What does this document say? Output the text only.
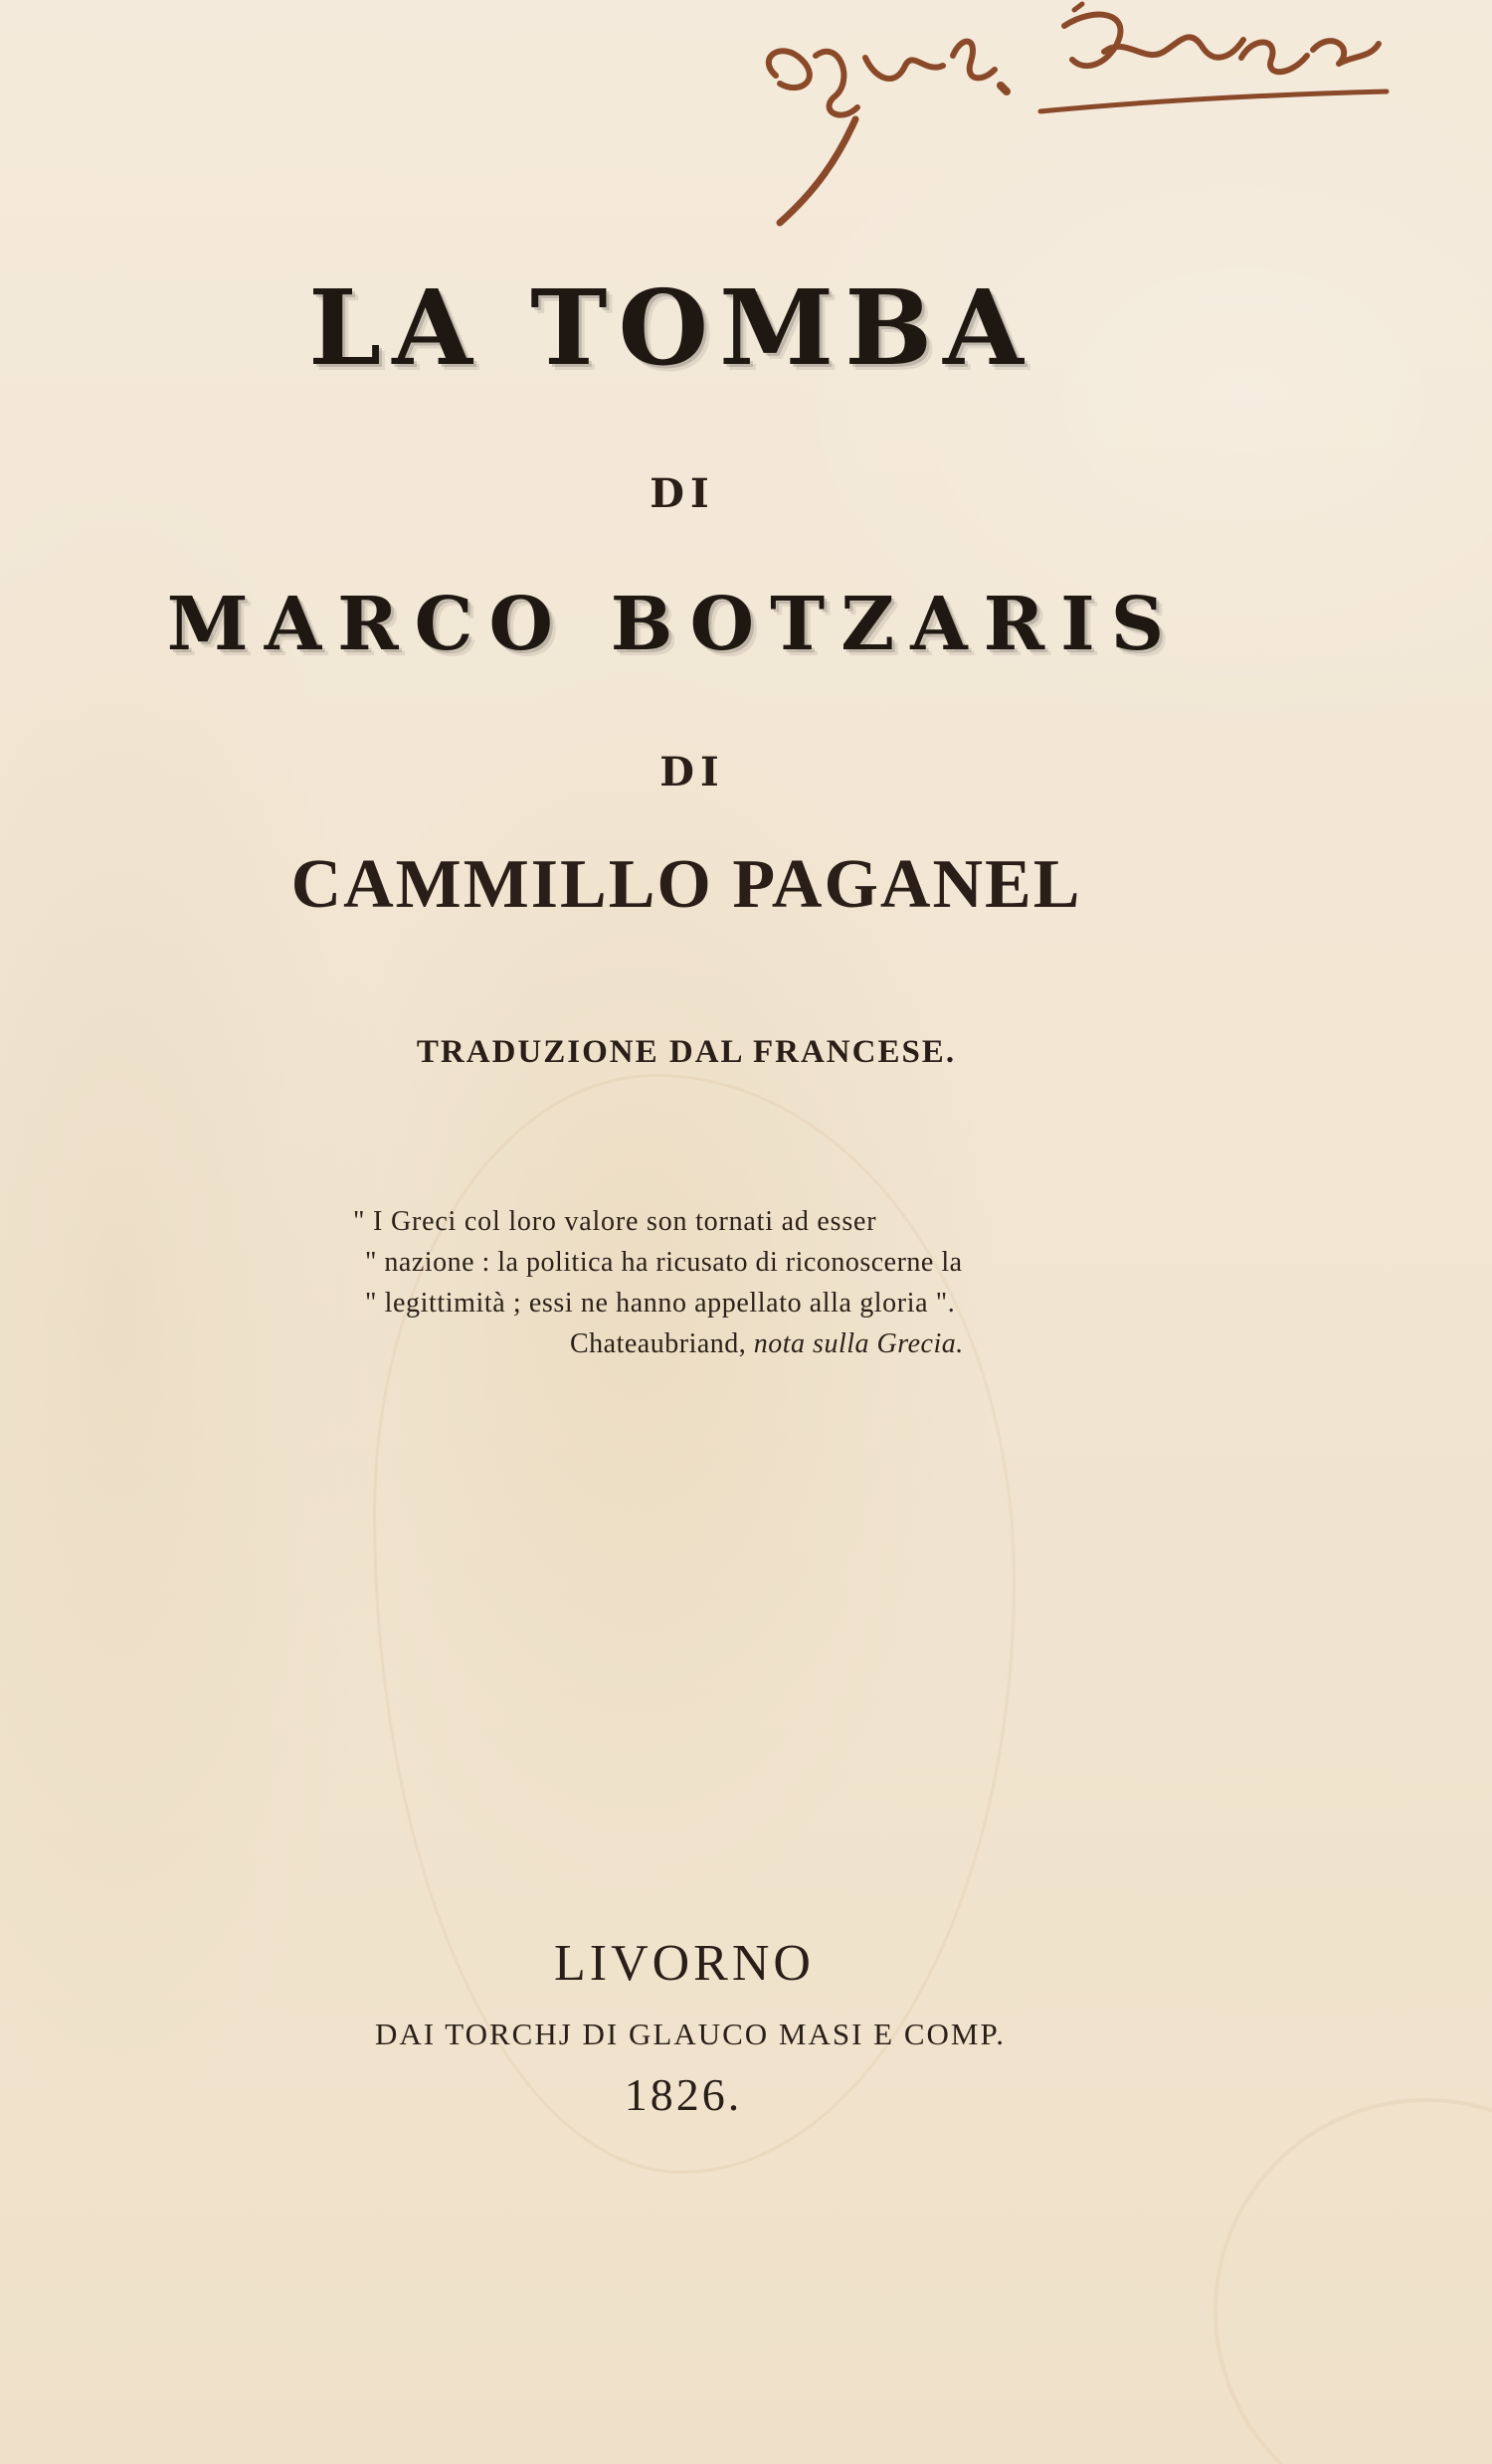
LA TOMBA
DI
MARCO BOTZARIS
DI
CAMMILLO PAGANEL
TRADUZIONE DAL FRANCESE.
" I Greci col loro valore son tornati ad esser
" nazione : la politica ha ricusato di riconoscerne la
" legittimità ; essi ne hanno appellato alla gloria ".
Chateaubriand, nota sulla Grecia.
LIVORNO
DAI TORCHJ DI GLAUCO MASI E COMP.
1826.
